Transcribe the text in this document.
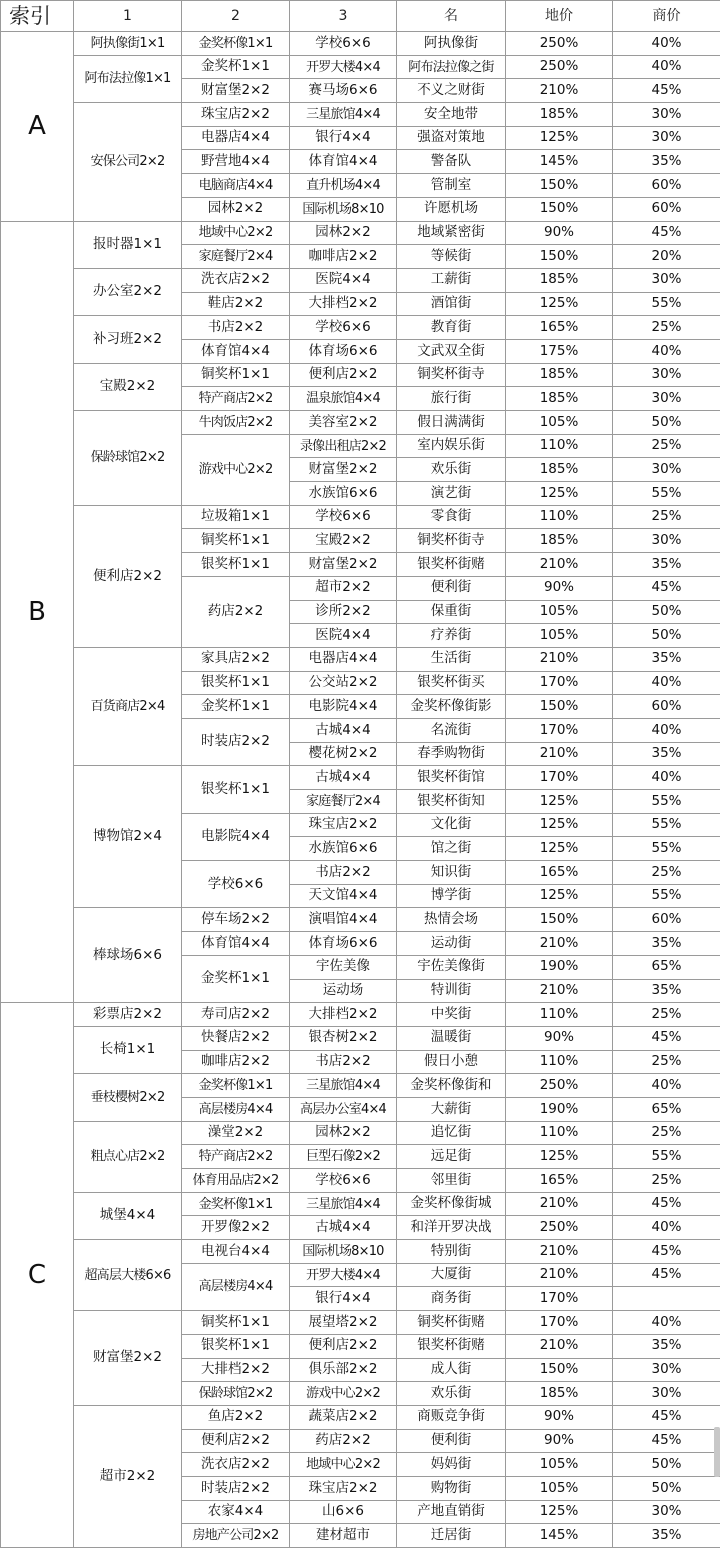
索引	1	2	3	名	地价	商价	
A	阿执像街1×1	金奖杯像1×1	学校6×6	阿执像街	250%	40%	
	阿布法拉像1×1	金奖杯1×1	开罗大楼4×4	阿布法拉像之街	250%	40%	
		财富堡2×2	赛马场6×6	不义之财街	210%	45%	
	安保公司2×2	珠宝店2×2	三星旅馆4×4	安全地带	185%	30%	
		电器店4×4	银行4×4	强盗对策地	125%	30%	
		野营地4×4	体育馆4×4	警备队	145%	35%	
		电脑商店4×4	直升机场4×4	管制室	150%	60%	
		园林2×2	国际机场8×10	许愿机场	150%	60%	
B	报时器1×1	地域中心2×2	园林2×2	地域紧密街	90%	45%	
		家庭餐厅2×4	咖啡店2×2	等候街	150%	20%	
	办公室2×2	洗衣店2×2	医院4×4	工薪街	185%	30%	
		鞋店2×2	大排档2×2	酒馆街	125%	55%	
	补习班2×2	书店2×2	学校6×6	教育街	165%	25%	
		体育馆4×4	体育场6×6	文武双全街	175%	40%	
	宝殿2×2	铜奖杯1×1	便利店2×2	铜奖杯街寺	185%	30%	
		特产商店2×2	温泉旅馆4×4	旅行街	185%	30%	
	保龄球馆2×2	牛肉饭店2×2	美容室2×2	假日满满街	105%	50%	
		游戏中心2×2	录像出租店2×2	室内娱乐街	110%	25%	
			财富堡2×2	欢乐街	185%	30%	
			水族馆6×6	演艺街	125%	55%	
	便利店2×2	垃圾箱1×1	学校6×6	零食街	110%	25%	
		铜奖杯1×1	宝殿2×2	铜奖杯街寺	185%	30%	
		银奖杯1×1	财富堡2×2	银奖杯街赌	210%	35%	
		药店2×2	超市2×2	便利街	90%	45%	
			诊所2×2	保重街	105%	50%	
			医院4×4	疗养街	105%	50%	
	百货商店2×4	家具店2×2	电器店4×4	生活街	210%	35%	
		银奖杯1×1	公交站2×2	银奖杯街买	170%	40%	
		金奖杯1×1	电影院4×4	金奖杯像街影	150%	60%	
		时装店2×2	古城4×4	名流街	170%	40%	
			樱花树2×2	春季购物街	210%	35%	
	博物馆2×4	银奖杯1×1	古城4×4	银奖杯街馆	170%	40%	
			家庭餐厅2×4	银奖杯街知	125%	55%	
		电影院4×4	珠宝店2×2	文化街	125%	55%	
			水族馆6×6	馆之街	125%	55%	
		学校6×6	书店2×2	知识街	165%	25%	
			天文馆4×4	博学街	125%	55%	
	棒球场6×6	停车场2×2	演唱馆4×4	热情会场	150%	60%	
		体育馆4×4	体育场6×6	运动街	210%	35%	
		金奖杯1×1	宇佐美像	宇佐美像街	190%	65%	
			运动场	特训街	210%	35%	
C	彩票店2×2	寿司店2×2	大排档2×2	中奖街	110%	25%	
	长椅1×1	快餐店2×2	银杏树2×2	温暖街	90%	45%	
		咖啡店2×2	书店2×2	假日小憩	110%	25%	
	垂枝樱树2×2	金奖杯像1×1	三星旅馆4×4	金奖杯像街和	250%	40%	
		高层楼房4×4	高层办公室4×4	大薪街	190%	65%	
	粗点心店2×2	澡堂2×2	园林2×2	追忆街	110%	25%	
		特产商店2×2	巨型石像2×2	远足街	125%	55%	
		体育用品店2×2	学校6×6	邻里街	165%	25%	
	城堡4×4	金奖杯像1×1	三星旅馆4×4	金奖杯像街城	210%	45%	
		开罗像2×2	古城4×4	和洋开罗决战	250%	40%	
	超高层大楼6×6	电视台4×4	国际机场8×10	特别街	210%	45%	
		高层楼房4×4	开罗大楼4×4	大厦街	210%	45%	
			银行4×4	商务街	170%		
	财富堡2×2	铜奖杯1×1	展望塔2×2	铜奖杯街赌	170%	40%	
		银奖杯1×1	便利店2×2	银奖杯街赌	210%	35%	
		大排档2×2	俱乐部2×2	成人街	150%	30%	
		保龄球馆2×2	游戏中心2×2	欢乐街	185%	30%	
	超市2×2	鱼店2×2	蔬菜店2×2	商贩竞争街	90%	45%	
		便利店2×2	药店2×2	便利街	90%	45%	
		洗衣店2×2	地域中心2×2	妈妈街	105%	50%	
		时装店2×2	珠宝店2×2	购物街	105%	50%	
		农家4×4	山6×6	产地直销街	125%	30%	
		房地产公司2×2	建材超市	迁居街	145%	35%	
